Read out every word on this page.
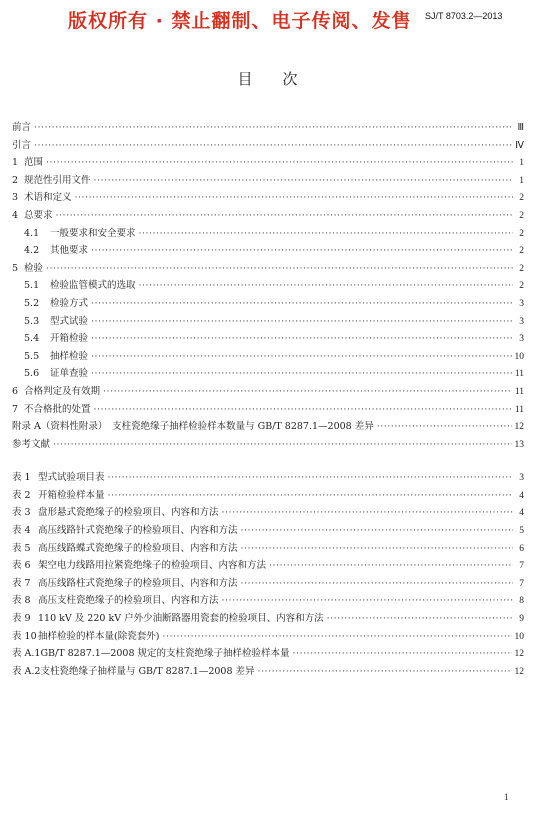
版权所有 · 禁止翻制、电子传阅、发售 SJ/T 8703.2—2013
目次
前言 ·····	Ⅲ
引言 ·····	Ⅳ
1 范围 ·····	1
2 规范性引用文件 ·····	1
3 术语和定义 ·····	2
4 总要求 ·····	2
4.1 一般要求和安全要求 ·····	2
4.2 其他要求 ·····	2
5 检验 ·····	2
5.1 检验监管模式的选取 ·····	2
5.2 检验方式 ·····	3
5.3 型式试验 ·····	3
5.4 开箱检验 ·····	3
5.5 抽样检验 ·····	10
5.6 证单查验 ·····	11
6 合格判定及有效期 ·····	11
7 不合格批的处置 ·····	11
附录 A（资料性附录）　支柱瓷绝缘子抽样检验样本数量与 GB/T 8287.1—2008 差异 ·····	12
参考文献 ·····	13
表 1 型式试验项目表 ·····	3
表 2 开箱检验样本量 ·····	4
表 3 盘形悬式瓷绝缘子的检验项目、内容和方法 ·····	4
表 4 高压线路针式瓷绝缘子的检验项目、内容和方法 ·····	5
表 5 高压线路蝶式瓷绝缘子的检验项目、内容和方法 ·····	6
表 6 架空电力线路用拉紧瓷绝缘子的检验项目、内容和方法 ·····	7
表 7 高压线路柱式瓷绝缘子的检验项目、内容和方法 ·····	7
表 8 高压支柱瓷绝缘子的检验项目、内容和方法 ·····	8
表 9 110 kV 及 220 kV 户外少油断路器用瓷套的检验项目、内容和方法 ·····	9
表 10抽样检验的样本量(除瓷套外) ·····	10
表 A.1GB/T 8287.1—2008 规定的支柱瓷绝缘子抽样检验样本量 ·····	12
表 A.2支柱瓷绝缘子抽样量与 GB/T 8287.1—2008 差异 ·····	12
1
